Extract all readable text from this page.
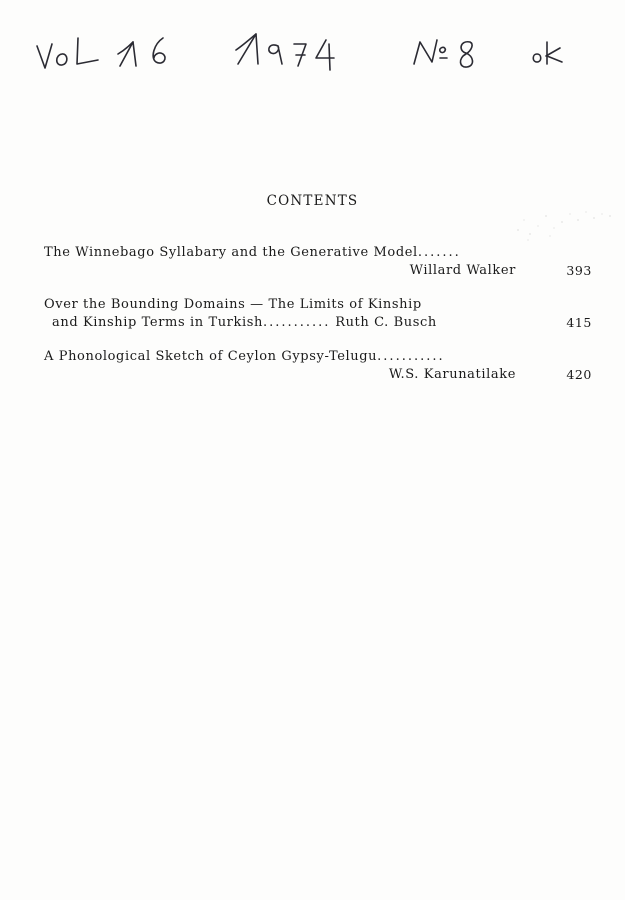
CONTENTS
The Winnebago Syllabary and the Generative Model.......
Willard Walker	393
Over the Bounding Domains — The Limits of Kinship
and Kinship Terms in Turkish........... Ruth C. Busch	415
A Phonological Sketch of Ceylon Gypsy-Telugu...........
W.S. Karunatilake	420
